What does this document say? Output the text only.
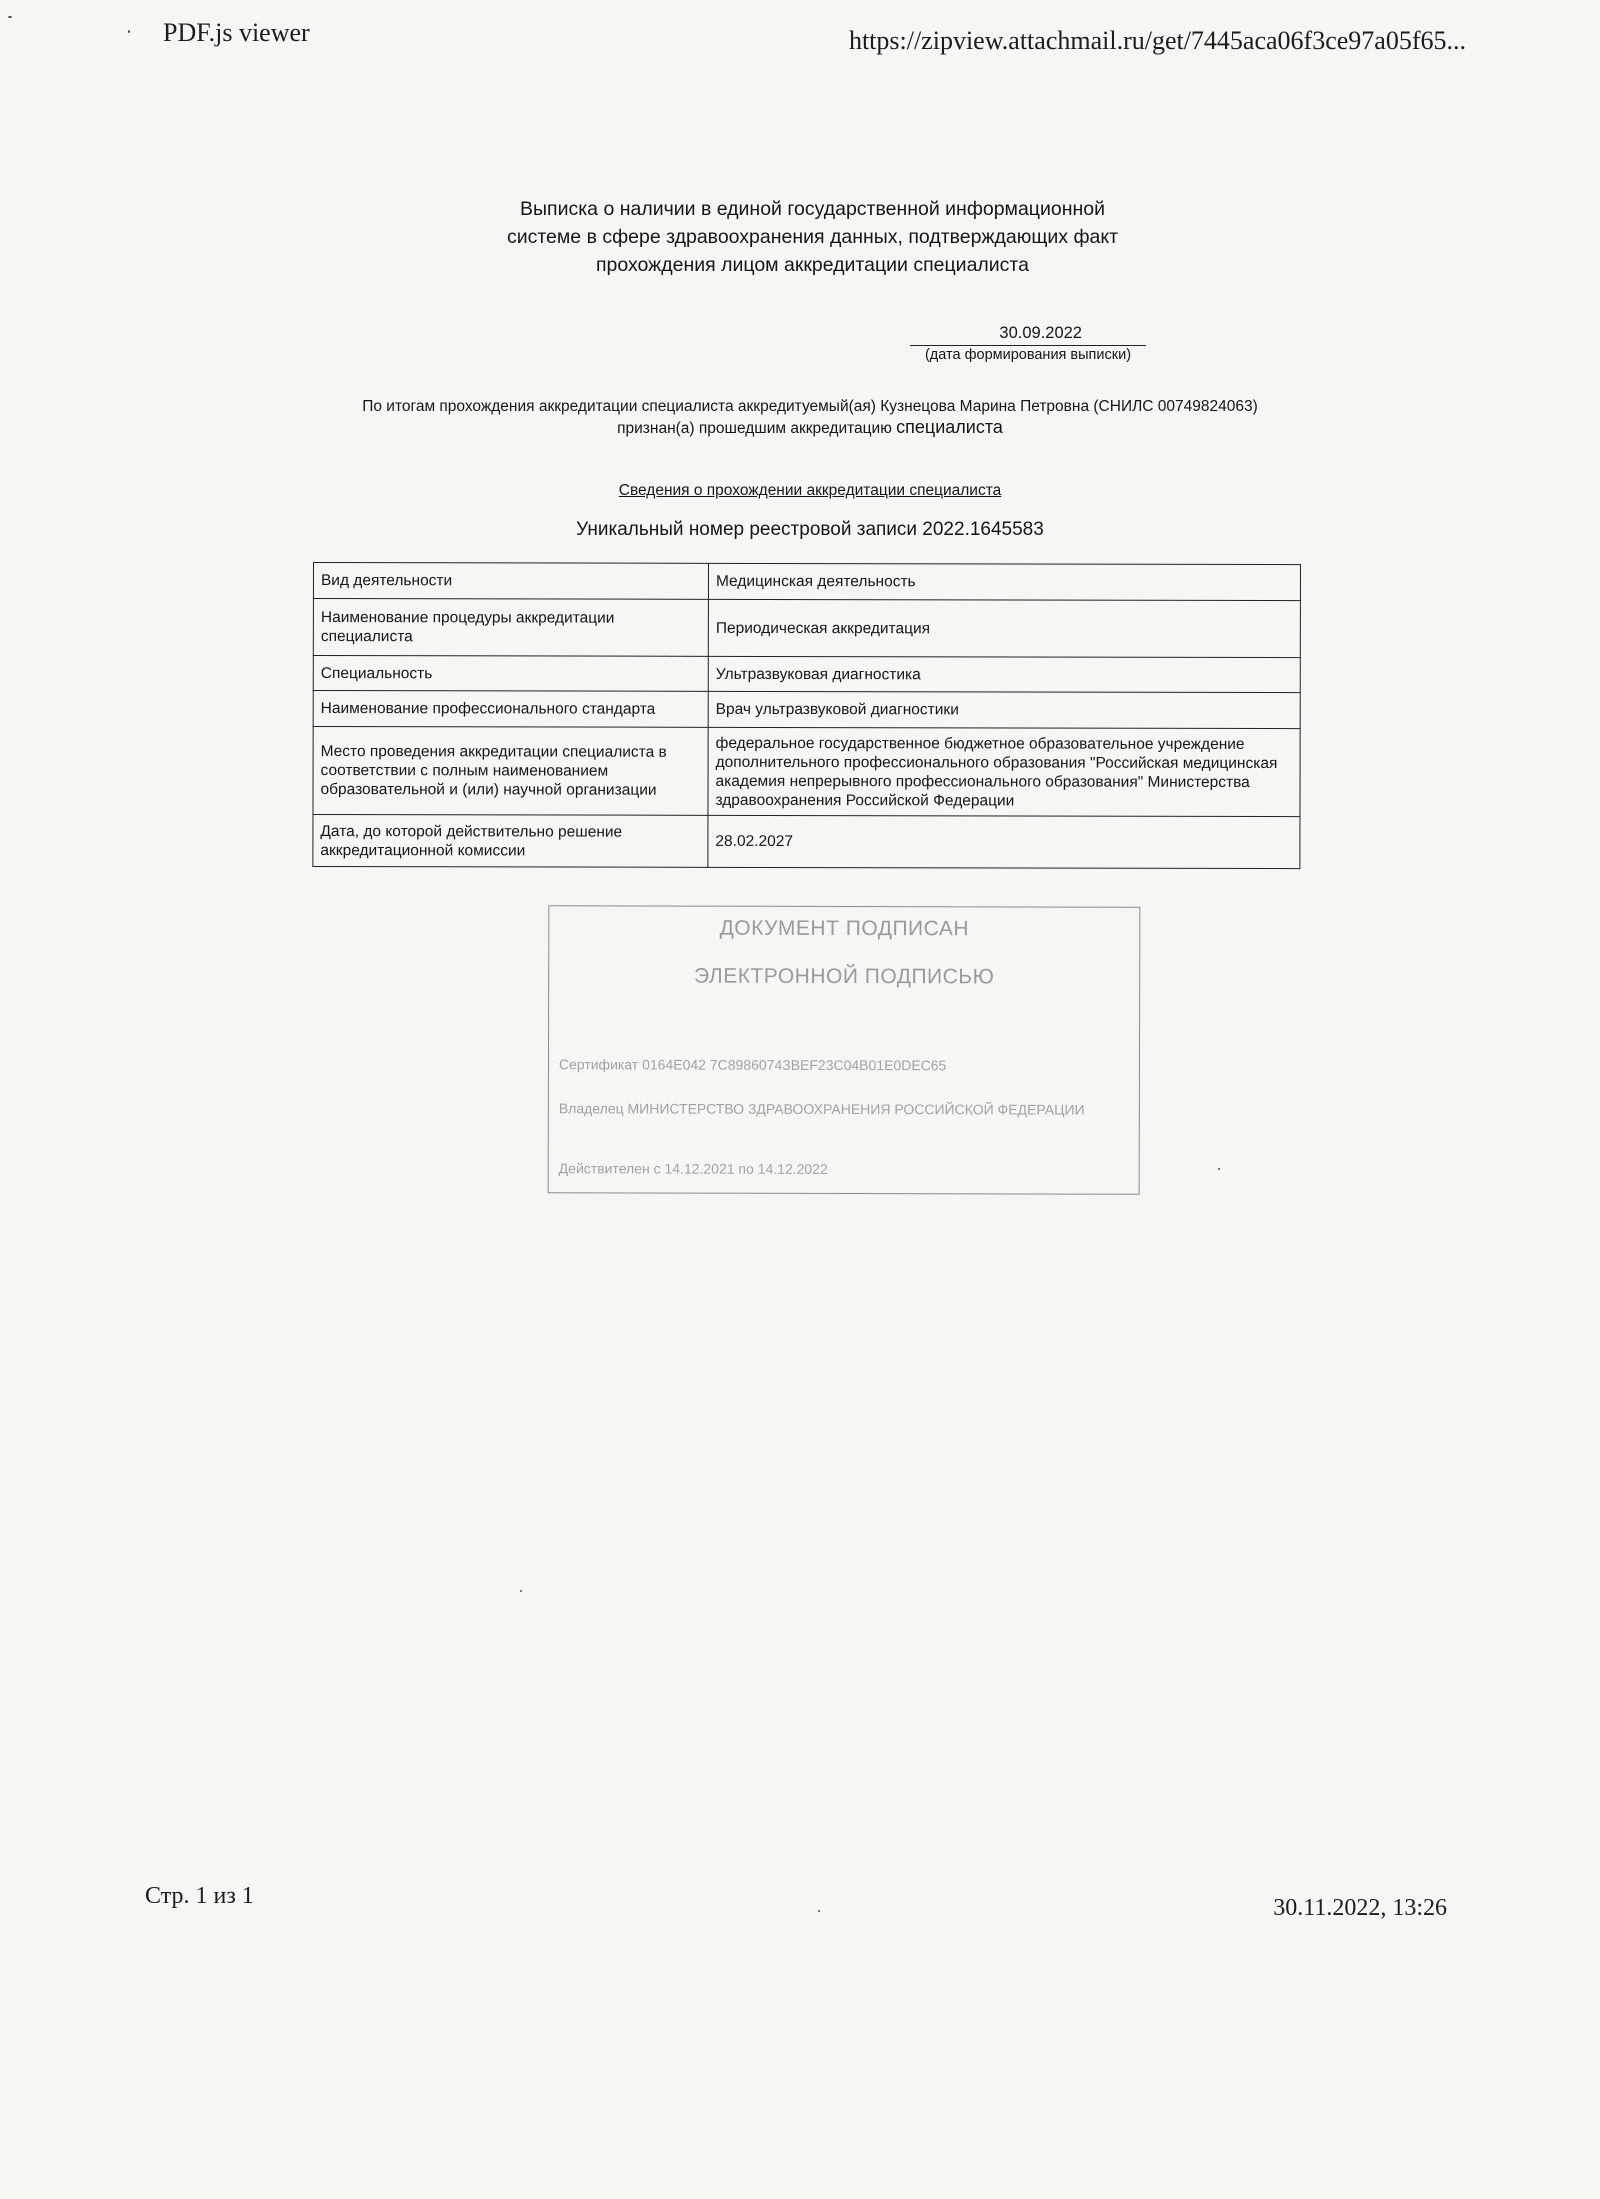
PDF.js viewer	https://zipview.attachmail.ru/get/7445aca06f3ce97a05f65...
Выписка о наличии в единой государственной информационной
системе в сфере здравоохранения данных, подтверждающих факт
прохождения лицом аккредитации специалиста
30.09.2022
(дата формирования выписки)
По итогам прохождения аккредитации специалиста аккредитуемый(ая) Кузнецова Марина Петровна (СНИЛС 00749824063)
признан(а) прошедшим аккредитацию специалиста
Сведения о прохождении аккредитации специалиста
Уникальный номер реестровой записи 2022.1645583
Вид деятельности	Медицинская деятельность
Наименование процедуры аккредитации специалиста	Периодическая аккредитация
Специальность	Ультразвуковая диагностика
Наименование профессионального стандарта	Врач ультразвуковой диагностики
Место проведения аккредитации специалиста в соответствии с полным наименованием образовательной и (или) научной организации	федеральное государственное бюджетное образовательное учреждение дополнительного профессионального образования "Российская медицинская академия непрерывного профессионального образования" Министерства здравоохранения Российской Федерации
Дата, до которой действительно решение аккредитационной комиссии	28.02.2027
ДОКУМЕНТ ПОДПИСАН
ЭЛЕКТРОННОЙ ПОДПИСЬЮ
Сертификат 0164E042 7C8986074ЗВЕF23C04В01E0DEC65
Владелец МИНИСТЕРСТВО ЗДРАВООХРАНЕНИЯ РОССИЙСКОЙ ФЕДЕРАЦИИ
Действителен с 14.12.2021 по 14.12.2022
Стр. 1 из 1	30.11.2022, 13:26
